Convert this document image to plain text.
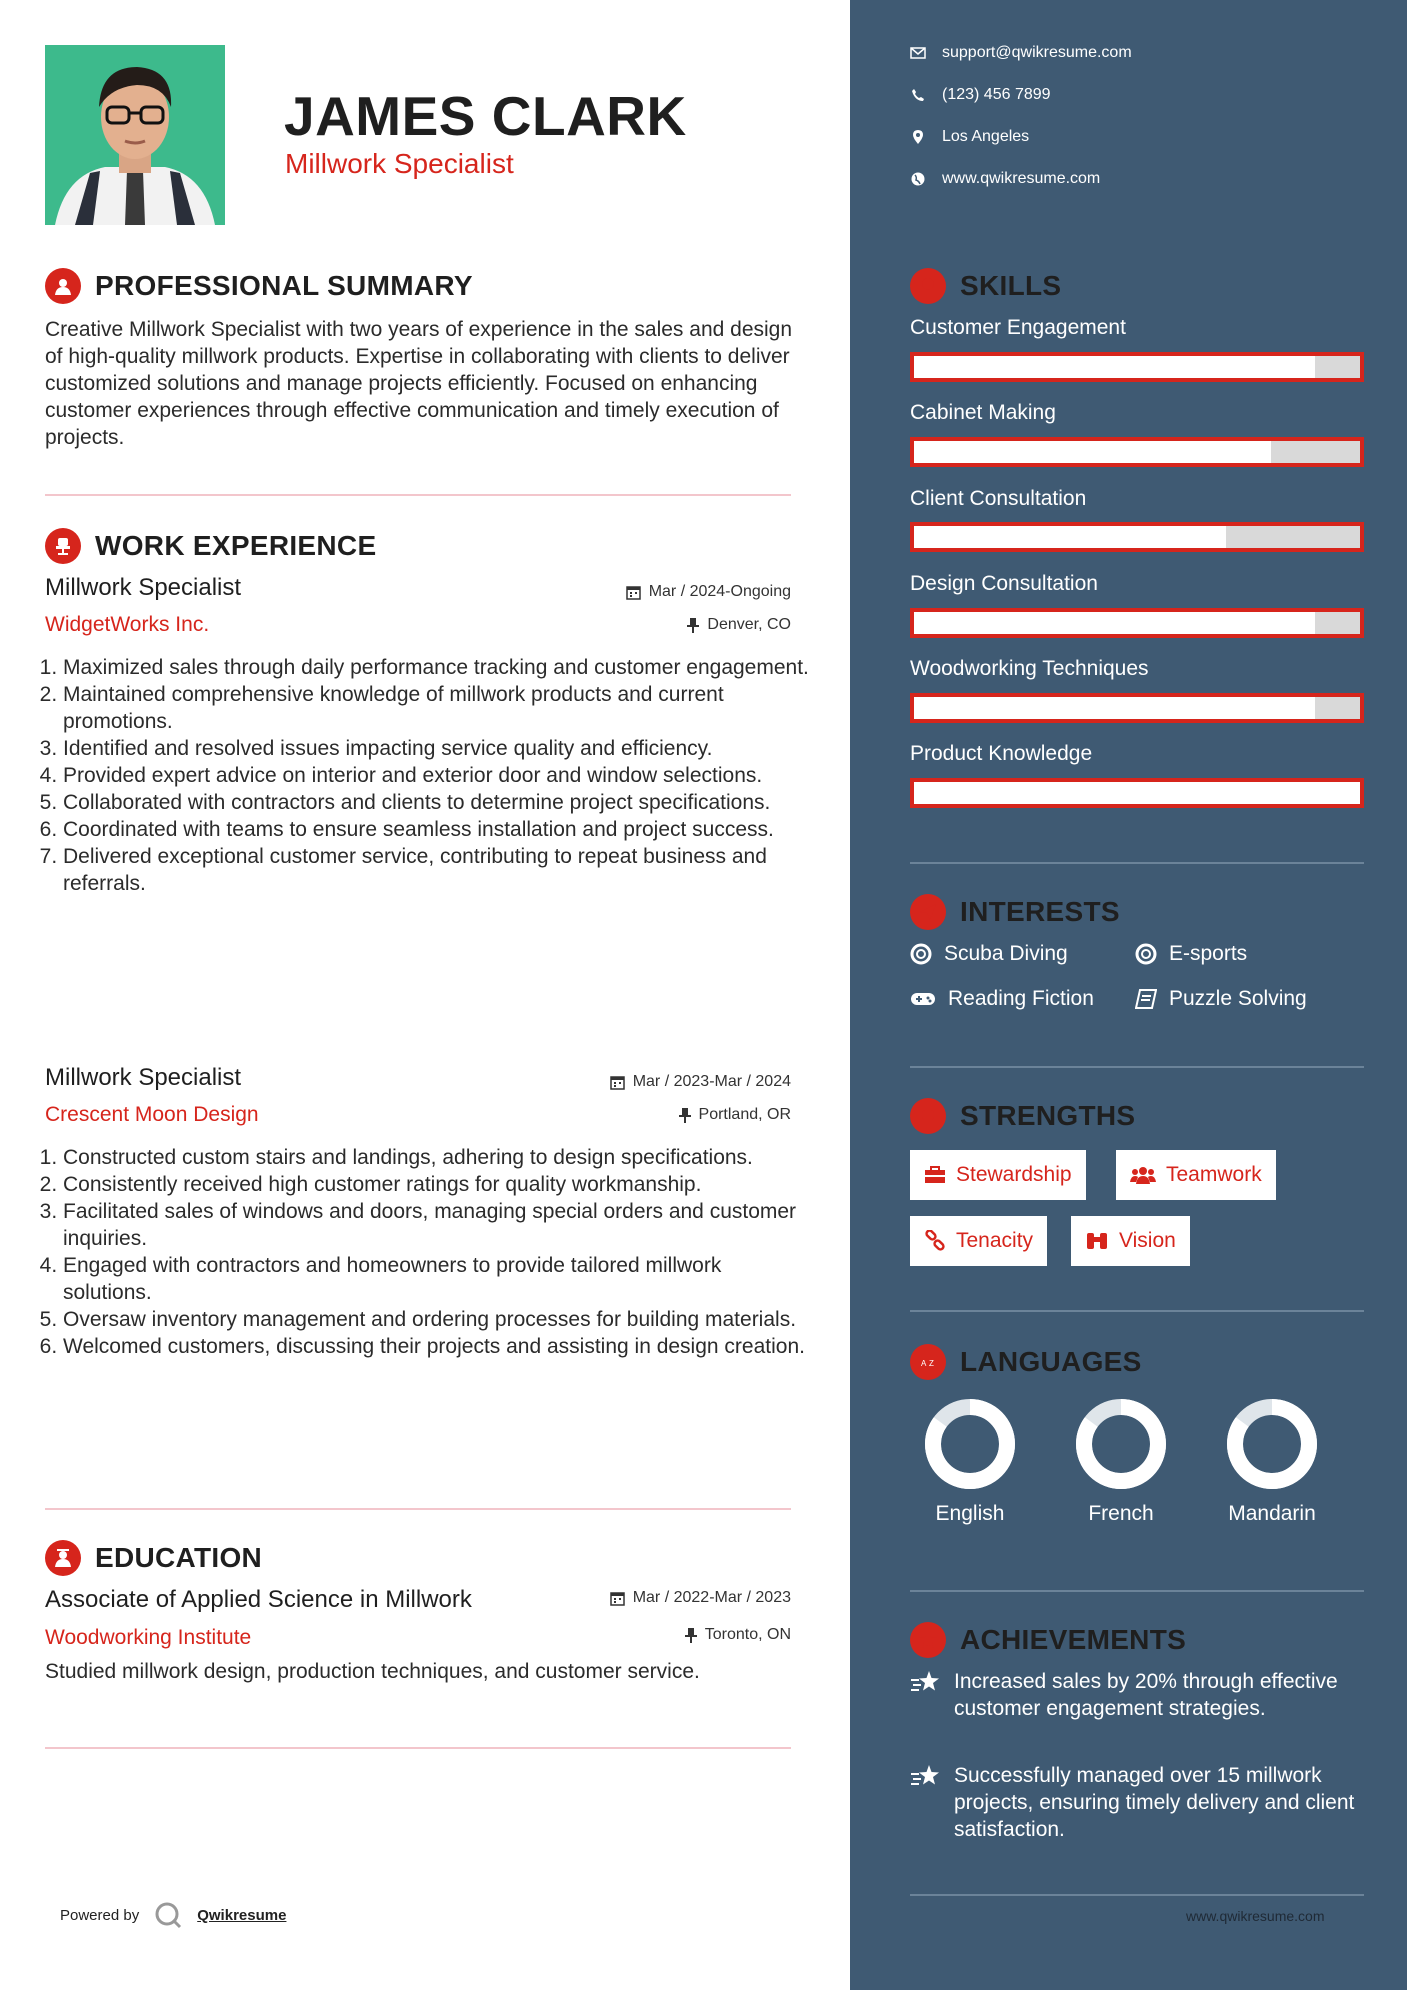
JAMES CLARK
Millwork Specialist
PROFESSIONAL SUMMARY

Creative Millwork Specialist with two years of experience in the sales and design of high-quality millwork products. Expertise in collaborating with clients to deliver customized solutions and manage projects efficiently. Focused on enhancing customer experiences through effective communication and timely execution of projects.

WORK EXPERIENCE
Millwork Specialist	Mar / 2024-Ongoing
WidgetWorks Inc.	Denver, CO
1. Maximized sales through daily performance tracking and customer engagement.
2. Maintained comprehensive knowledge of millwork products and current promotions.
3. Identified and resolved issues impacting service quality and efficiency.
4. Provided expert advice on interior and exterior door and window selections.
5. Collaborated with contractors and clients to determine project specifications.
6. Coordinated with teams to ensure seamless installation and project success.
7. Delivered exceptional customer service, contributing to repeat business and referrals.
Millwork Specialist	Mar / 2023-Mar / 2024
Crescent Moon Design	Portland, OR
1. Constructed custom stairs and landings, adhering to design specifications.
2. Consistently received high customer ratings for quality workmanship.
3. Facilitated sales of windows and doors, managing special orders and customer inquiries.
4. Engaged with contractors and homeowners to provide tailored millwork solutions.
5. Oversaw inventory management and ordering processes for building materials.
6. Welcomed customers, discussing their projects and assisting in design creation.
EDUCATION
Associate of Applied Science in Millwork	Mar / 2022-Mar / 2023
Woodworking Institute	Toronto, ON
Studied millwork design, production techniques, and customer service.
Powered by	Qwikresume
support@qwikresume.com
(123) 456 7899
Los Angeles
www.qwikresume.com
SKILLS
Customer Engagement
Cabinet Making
Client Consultation
Design Consultation
Woodworking Techniques
Product Knowledge
INTERESTS
Scuba Diving	E-sports
Reading Fiction	Puzzle Solving
STRENGTHS
Stewardship	Teamwork
Tenacity	Vision
A Z LANGUAGES
English	French	Mandarin
ACHIEVEMENTS
Increased sales by 20% through effective customer engagement strategies.
Successfully managed over 15 millwork projects, ensuring timely delivery and client satisfaction.
www.qwikresume.com
